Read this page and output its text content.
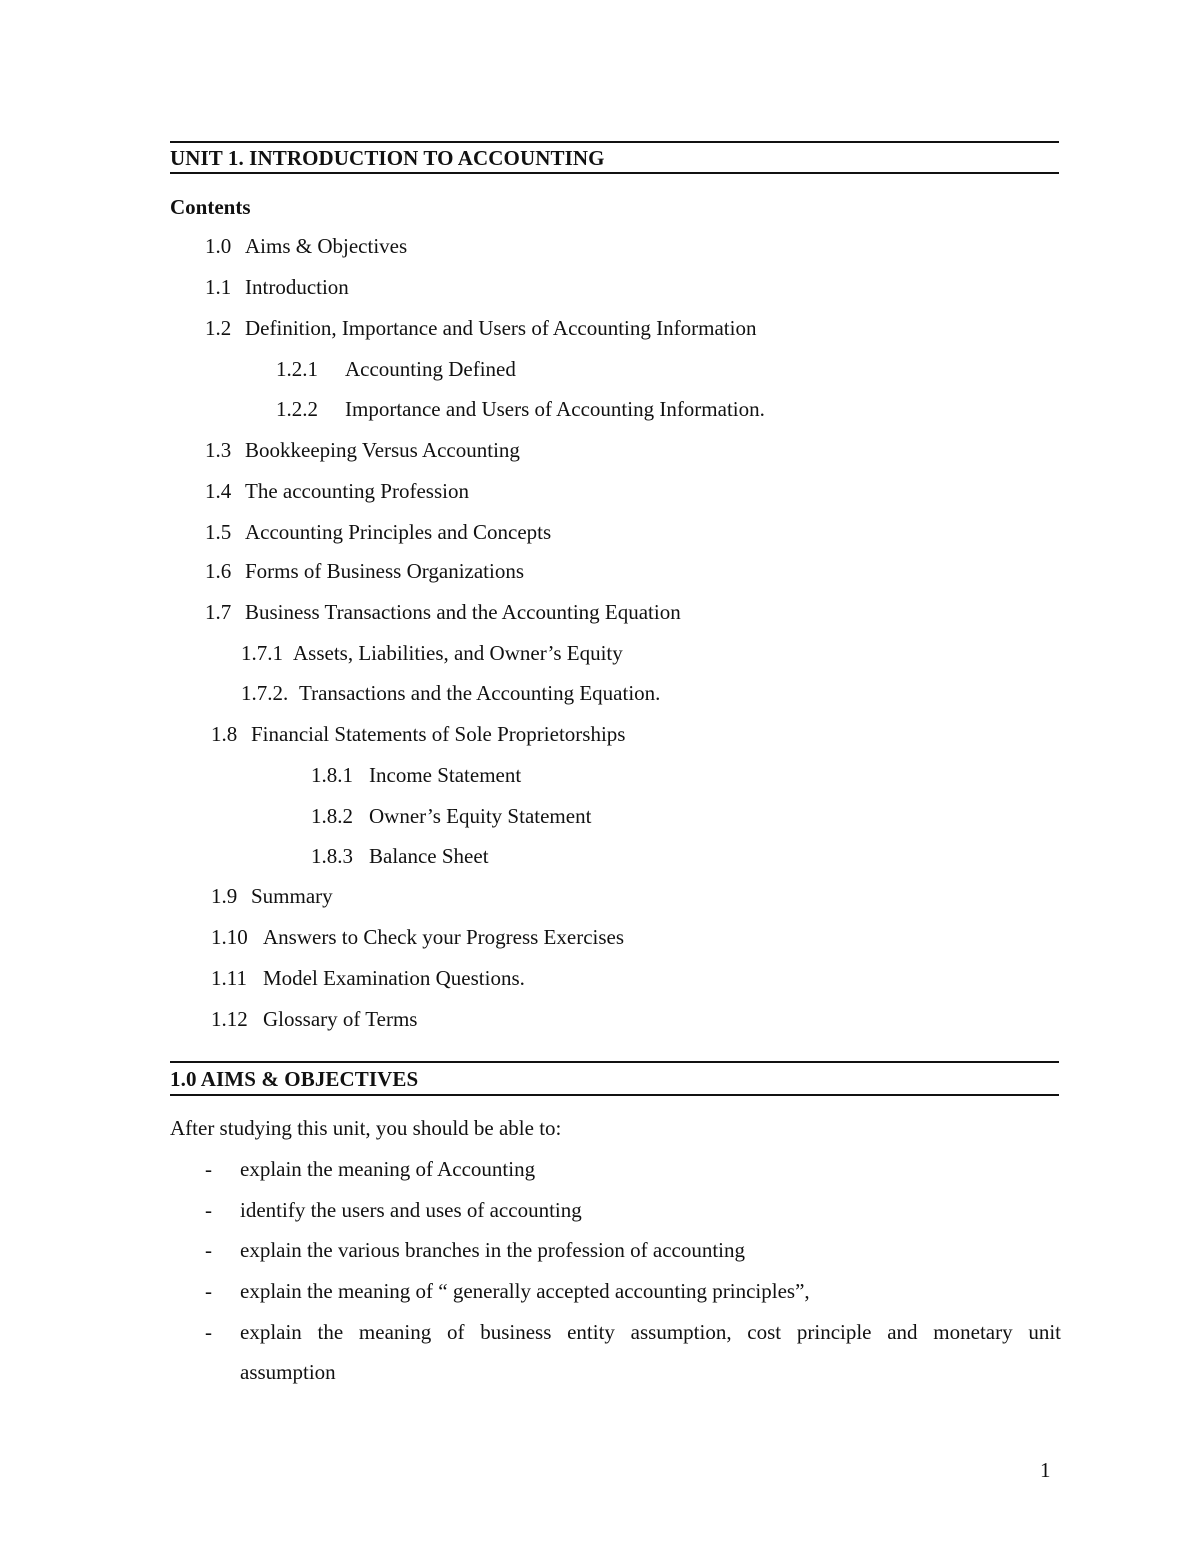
UNIT 1. INTRODUCTION TO ACCOUNTING
Contents
1.0 Aims & Objectives
1.1 Introduction
1.2 Definition, Importance and Users of Accounting Information
1.2.1 Accounting Defined
1.2.2 Importance and Users of Accounting Information.
1.3 Bookkeeping Versus Accounting
1.4 The accounting Profession
1.5 Accounting Principles and Concepts
1.6 Forms of Business Organizations
1.7 Business Transactions and the Accounting Equation
1.7.1 Assets, Liabilities, and Owner’s Equity
1.7.2. Transactions and the Accounting Equation.
1.8 Financial Statements of Sole Proprietorships
1.8.1 Income Statement
1.8.2 Owner’s Equity Statement
1.8.3 Balance Sheet
1.9 Summary
1.10 Answers to Check your Progress Exercises
1.11 Model Examination Questions.
1.12 Glossary of Terms
1.0 AIMS & OBJECTIVES
After studying this unit, you should be able to:
- explain the meaning of Accounting
- identify the users and uses of accounting
- explain the various branches in the profession of accounting
- explain the meaning of “ generally accepted accounting principles”,
- explain the meaning of business entity assumption, cost principle and monetary unit
assumption
1
